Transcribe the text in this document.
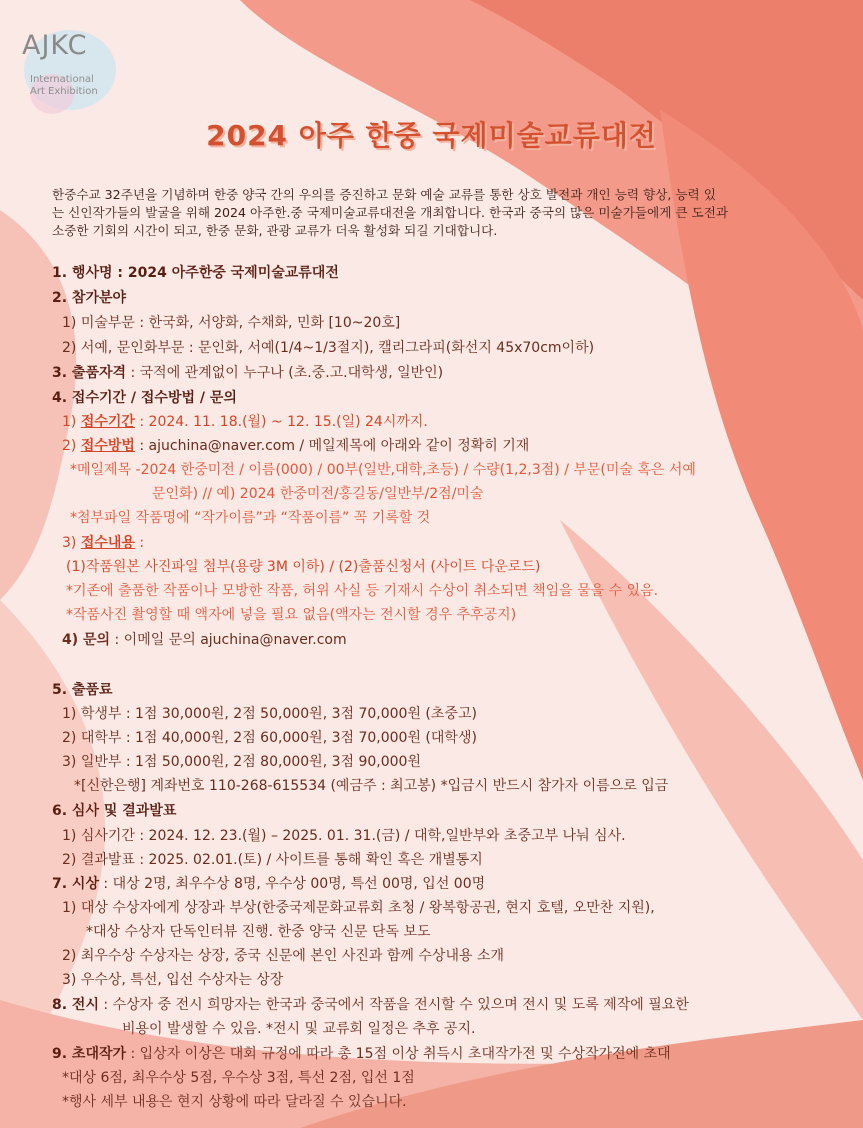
AJKC
International
Art Exhibition
2024 아주 한중 국제미술교류대전
한중수교 32주년을 기념하며 한중 양국 간의 우의를 증진하고 문화 예술 교류를 통한 상호 발전과 개인 능력 향상, 능력 있
는 신인작가들의 발굴을 위해 2024 아주한.중 국제미술교류대전을 개최합니다. 한국과 중국의 많은 미술가들에게 큰 도전과
소중한 기회의 시간이 되고, 한중 문화, 관광 교류가 더욱 활성화 되길 기대합니다.
1. 행사명 : 2024 아주한중 국제미술교류대전
2. 참가분야
1) 미술부문 : 한국화, 서양화, 수채화, 민화 [10~20호]
2) 서예, 문인화부문 : 문인화, 서예(1/4~1/3절지), 캘리그라피(화선지 45x70cm이하)
3. 출품자격 : 국적에 관계없이 누구나 (초.중.고.대학생, 일반인)
4. 접수기간 / 접수방법 / 문의
1) 접수기간 : 2024. 11. 18.(월) ~ 12. 15.(일) 24시까지.
2) 접수방법 : ajuchina@naver.com / 메일제목에 아래와 같이 정확히 기재
*메일제목 -2024 한중미전 / 이름(000) / 00부(일반,대학,초등) / 수량(1,2,3점) / 부문(미술 혹은 서예
문인화) // 예) 2024 한중미전/홍길동/일반부/2점/미술
*첨부파일 작품명에 “작가이름”과 “작품이름” 꼭 기록할 것
3) 접수내용 :
(1)작품원본 사진파일 첨부(용량 3M 이하) / (2)출품신청서 (사이트 다운로드)
*기존에 출품한 작품이나 모방한 작품, 허위 사실 등 기재시 수상이 취소되면 책임을 물을 수 있음.
*작품사진 촬영할 때 액자에 넣을 필요 없음(액자는 전시할 경우 추후공지)
4) 문의 : 이메일 문의 ajuchina@naver.com
5. 출품료
1) 학생부 : 1점 30,000원, 2점 50,000원, 3점 70,000원 (초중고)
2) 대학부 : 1점 40,000원, 2점 60,000원, 3점 70,000원 (대학생)
3) 일반부 : 1점 50,000원, 2점 80,000원, 3점 90,000원
*[신한은행] 계좌번호 110-268-615534 (예금주 : 최고봉) *입금시 반드시 참가자 이름으로 입금
6. 심사 및 결과발표
1) 심사기간 : 2024. 12. 23.(월) – 2025. 01. 31.(금) / 대학,일반부와 초중고부 나눠 심사.
2) 결과발표 : 2025. 02.01.(토) / 사이트를 통해 확인 혹은 개별통지
7. 시상 : 대상 2명, 최우수상 8명, 우수상 00명, 특선 00명, 입선 00명
1) 대상 수상자에게 상장과 부상(한중국제문화교류회 초청 / 왕복항공권, 현지 호텔, 오만찬 지원),
*대상 수상자 단독인터뷰 진행. 한중 양국 신문 단독 보도
2) 최우수상 수상자는 상장, 중국 신문에 본인 사진과 함께 수상내용 소개
3) 우수상, 특선, 입선 수상자는 상장
8. 전시 : 수상자 중 전시 희망자는 한국과 중국에서 작품을 전시할 수 있으며 전시 및 도록 제작에 필요한
비용이 발생할 수 있음. *전시 및 교류회 일정은 추후 공지.
9. 초대작가 : 입상자 이상은 대회 규정에 따라 총 15점 이상 취득시 초대작가전 및 수상작가전에 초대
*대상 6점, 최우수상 5점, 우수상 3점, 특선 2점, 입선 1점
*행사 세부 내용은 현지 상황에 따라 달라질 수 있습니다.
